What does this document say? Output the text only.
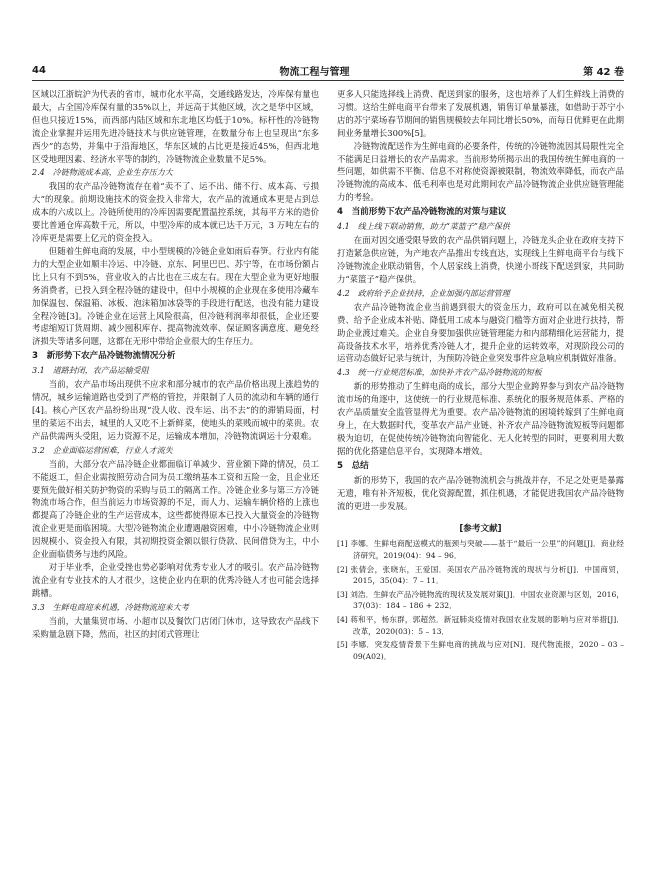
44	物流工程与管理	第 42 卷

区域以江浙皖沪为代表的省市，城市化水平高，交通线路发达，冷库保有量也最大，占全国冷库保有量的35%以上，并远高于其他区域，次之是华中区域，但也只接近15%，而西部内陆区域和东北地区均低于10%。标杆性的冷链物流企业掌握并运用先进冷链技术与供应链管理，在数量分布上也呈现出“东多西少”的态势，并集中于沿海地区，华东区域的占比更是接近45%，但西北地区受地理因素、经济水平等的制约，冷链物流企业数量不足5%。

2.4　冷链物流成本高，企业生存压力大

我国的农产品冷链物流存在着“卖不了、运不出、储不行、成本高、亏损大”的现象。前期设施技术的资金投入非常大，农产品的流通成本更是占到总成本的六成以上。冷链所使用的冷库因需要配置温控系统，其每平方米的造价要比普通仓库高数千元，所以，中型冷库的成本就已达千万元，3 万吨左右的冷库更是需要上亿元的资金投入。

但随着生鲜电商的发展，中小型规模的冷链企业如雨后春笋。行业内有能力的大型企业如顺丰冷运、中冷链、京东、阿里巴巴、苏宁等，在市场份额占比上只有不到5%，营业收入的占比也在三成左右。现在大型企业为更好地服务消费者，已投入到全程冷链的建设中，但中小规模的企业现在多使用冷藏车加保温包、保温箱、冰板、泡沫箱加冰袋等的手段进行配送，也没有能力建设全程冷链[3]。冷链企业在运营上风险很高，但冷链利润率却很低，企业还要考虑缩短订货周期、减少囤积库存、提高物流效率、保证顾客满意度、避免经济损失等诸多问题，这都在无形中带给企业很大的生存压力。

3　新形势下农产品冷链物流情况分析
3.1　道路封闭，农产品运输受阻

当前，农产品市场出现供不应求和部分城市的农产品价格出现上涨趋势的情况，城乡运输道路也受到了严格的管控，并限制了人员的流动和车辆的通行[4]。核心产区农产品纷纷出现“没人收、没车运、出不去”的的滞销局面，村里的菜运不出去，城里的人又吃不上新鲜菜，使地头的菜贱而城中的菜贵。农产品供需两头受阻，运力资源不足，运输成本增加，冷链物流调运十分艰难。

3.2　企业面临运营困难，行业人才流失

当前，大部分农产品冷链企业都面临订单减少、营业额下降的情况，员工不能返工，但企业需按照劳动合同为员工缴纳基本工资和五险一金，且企业还要预先做好相关防护物资的采购与员工的隔离工作。冷链企业多与第三方冷链物流市场合作，但当前运力市场资源的不足，而人力、运输车辆价格的上涨也都提高了冷链企业的生产运营成本，这些都使得原本已投入大量资金的冷链物流企业更是面临困境。大型冷链物流企业遭遇融资困难，中小冷链物流企业则因规模小、资金投入有限，其初期投资金额以银行贷款、民间借贷为主，中小企业面临债务与违约风险。

对于毕业季，企业受挫也势必影响对优秀专业人才的吸引。农产品冷链物流企业有专业技术的人才很少，这使企业内在职的优秀冷链人才也可能会选择跳槽。

3.3　生鲜电商迎来机遇，冷链物流迎来大考

当前，大量集贸市场、小超市以及餐饮门店闭门休市，这导致农产品线下采购量急剧下降，然而，社区的封闭式管理让

更多人只能选择线上消费、配送到家的服务，这也培养了人们生鲜线上消费的习惯。这给生鲜电商平台带来了发展机遇，销售订单量暴涨，如借助于苏宁小店的苏宁菜场春节期间的销售规模较去年同比增长50%，而每日优鲜更在此期间业务量增长300%[5]。

冷链物流配送作为生鲜电商的必要条件，传统的冷链物流因其局限性完全不能满足日益增长的农产品需求。当前形势所揭示出的我国传统生鲜电商的一些问题，如供需不平衡、信息不对称使资源被限制，物流效率降低，而农产品冷链物流的高成本、低毛利率也是对此期间农产品冷链物流企业供应链管理能力的考验。

4　当前形势下农产品冷链物流的对策与建议
4.1　线上线下联动销售，助力“菜篮子”稳产保供

在面对因交通受限导致的农产品供销问题上，冷链龙头企业在政府支持下打造紧急供应链，为产地农产品推出专线直达，实现线上生鲜电商平台与线下冷链物流企业联动销售，个人居家线上消费，快递小哥线下配送到家，共同助力“菜篮子”稳产保供。

4.2　政府给予企业扶持，企业加强内部运营管理

农产品冷链物流企业当前遇到很大的资金压力，政府可以在减免相关税费、给予企业成本补贴、降低用工成本与融资门槛等方面对企业进行扶持，帮助企业渡过难关。企业自身要加强供应链管理能力和内部精细化运营能力，提高设备技术水平，培养优秀冷链人才，提升企业的运转效率，对现阶段公司的运营动态做好记录与统计，为预防冷链企业突发事件应急响应机制做好准备。

4.3　统一行业规范标准，加快补齐农产品冷链物流的短板

新的形势推动了生鲜电商的成长，部分大型企业跨界参与到农产品冷链物流市场的角逐中，这使统一的行业规范标准、系统化的服务规范体系、严格的农产品质量安全监管显得尤为重要。农产品冷链物流的困境转嫁到了生鲜电商身上，在大数据时代，变革农产品产业链、补齐农产品冷链物流短板等问题都极为迫切，在促使传统冷链物流向智能化、无人化转型的同时，更要利用大数据的优化搭建信息平台，实现降本增效。

5　总结

新的形势下，我国的农产品冷链物流机会与挑战并存，不足之处更是暴露无遗，唯有补齐短板，优化资源配置，抓住机遇，才能促进我国农产品冷链物流的更进一步发展。

[参考文献]
[1] 李娜．生鲜电商配送模式的瓶颈与突破——基于“最后一公里”的问题[J]．商业经济研究，2019(04)：94 – 96．
[2] 张倩会，张晓东，王爱国．美国农产品冷链物流的现状与分析[J]．中国商贸，2015，35(04)：7 – 11．
[3] 刘浩．生鲜农产品冷链物流的现状及发展对策[J]．中国农业资源与区划，2016，37(03)：184 – 186 + 232．
[4] 蒋和平，杨东群，郭超然．新冠肺炎疫情对我国农业发展的影响与应对举措[J]．改革，2020(03)：5 – 13．
[5] 李娜．突发疫情背景下生鲜电商的挑战与应对[N]．现代物流报，2020 – 03 – 09(A02)．
